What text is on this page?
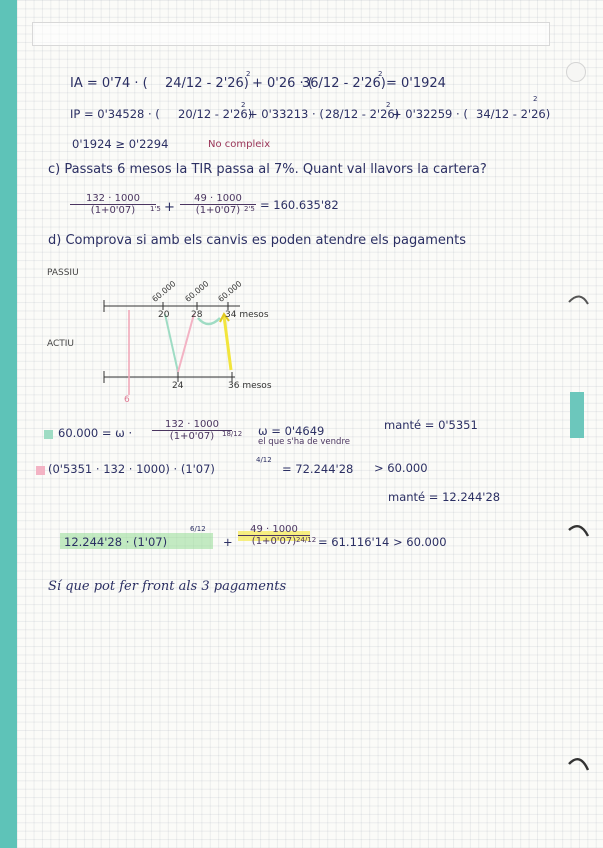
IA = 0'74 · ( 24/12 - 2'26)
2
+ 0'26 · (
36/12 - 2'26)
2
= 0'1924
IP = 0'34528 · ( 20/12 - 2'26)
2
+ 0'33213 · ( 28/12 - 2'26)
2
+ 0'32259 · ( 34/12 - 2'26)
2
0'1924 ≥ 0'2294	No compleix
c) Passats 6 mesos la TIR passa al 7%. Quant val llavors la cartera?
$\frac{132 \cdot 1000}{(1+0'07)}$
$1'5 + \frac{49 \cdot 1000}{(1+0'07)}$
2'5 = 160.635'82
d) Comprova si amb els canvis es poden atendre els pagaments
PASSIU
ACTIU
60.000 60.000 60.000
20 28	34 mesos
24	36 mesos
6
$60.000 = \omega \cdot \frac{132 \cdot 1000}{(1+0'07)}$
18/12 ω = 0'4649
el que s'ha de vendre
manté = 0'5351
(0'5351 · 132 · 1000) · (1'07)
4/12
= 72.244'28 > 60.000
manté = 12.244'28
12.244'28 · (1'07)
6/12
+ $\frac{49 \cdot 1000}{(1+0'07)}$
24/12 = 61.116'14 > 60.000
Sí que pot fer front als 3 pagaments
